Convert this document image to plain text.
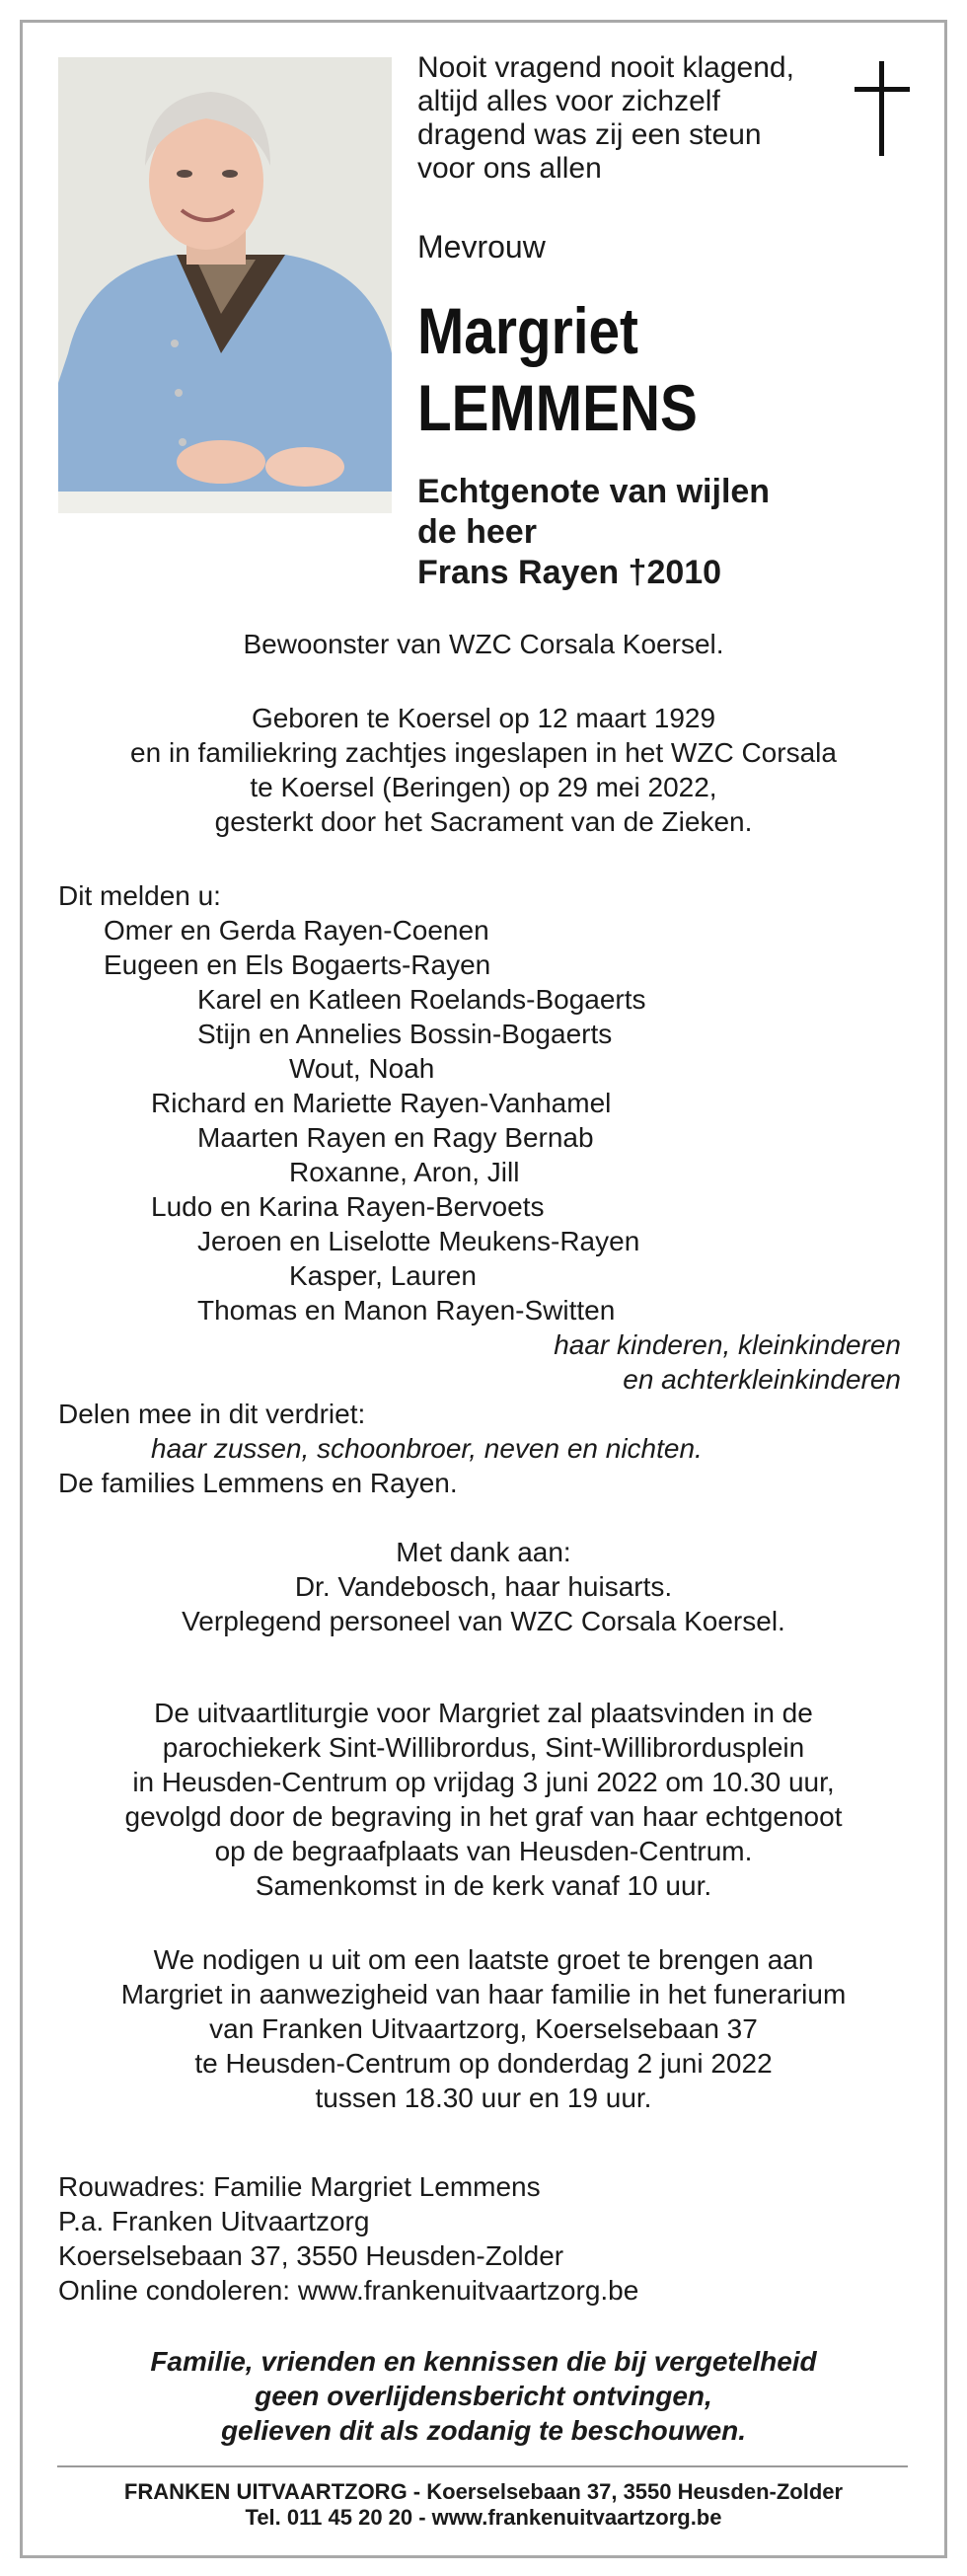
Nooit vragend nooit klagend,
altijd alles voor zichzelf
dragend was zij een steun
voor ons allen
Mevrouw
Margriet
LEMMENS
Echtgenote van wijlen
de heer
Frans Rayen †2010
Bewoonster van WZC Corsala Koersel.
Geboren te Koersel op 12 maart 1929
en in familiekring zachtjes ingeslapen in het WZC Corsala
te Koersel (Beringen) op 29 mei 2022,
gesterkt door het Sacrament van de Zieken.
Dit melden u:
Omer en Gerda Rayen-Coenen
Eugeen en Els Bogaerts-Rayen
Karel en Katleen Roelands-Bogaerts
Stijn en Annelies Bossin-Bogaerts
Wout, Noah
Richard en Mariette Rayen-Vanhamel
Maarten Rayen en Ragy Bernab
Roxanne, Aron, Jill
Ludo en Karina Rayen-Bervoets
Jeroen en Liselotte Meukens-Rayen
Kasper, Lauren
Thomas en Manon Rayen-Switten
haar kinderen, kleinkinderen
en achterkleinkinderen
Delen mee in dit verdriet:
haar zussen, schoonbroer, neven en nichten.
De families Lemmens en Rayen.
Met dank aan:
Dr. Vandebosch, haar huisarts.
Verplegend personeel van WZC Corsala Koersel.
De uitvaartliturgie voor Margriet zal plaatsvinden in de
parochiekerk Sint-Willibrordus, Sint-Willibrordusplein
in Heusden-Centrum op vrijdag 3 juni 2022 om 10.30 uur,
gevolgd door de begraving in het graf van haar echtgenoot
op de begraafplaats van Heusden-Centrum.
Samenkomst in de kerk vanaf 10 uur.
We nodigen u uit om een laatste groet te brengen aan
Margriet in aanwezigheid van haar familie in het funerarium
van Franken Uitvaartzorg, Koerselsebaan 37
te Heusden-Centrum op donderdag 2 juni 2022
tussen 18.30 uur en 19 uur.
Rouwadres: Familie Margriet Lemmens
P.a. Franken Uitvaartzorg
Koerselsebaan 37, 3550 Heusden-Zolder
Online condoleren: www.frankenuitvaartzorg.be
Familie, vrienden en kennissen die bij vergetelheid
geen overlijdensbericht ontvingen,
gelieven dit als zodanig te beschouwen.
FRANKEN UITVAARTZORG - Koerselsebaan 37, 3550 Heusden-Zolder
Tel. 011 45 20 20 - www.frankenuitvaartzorg.be
